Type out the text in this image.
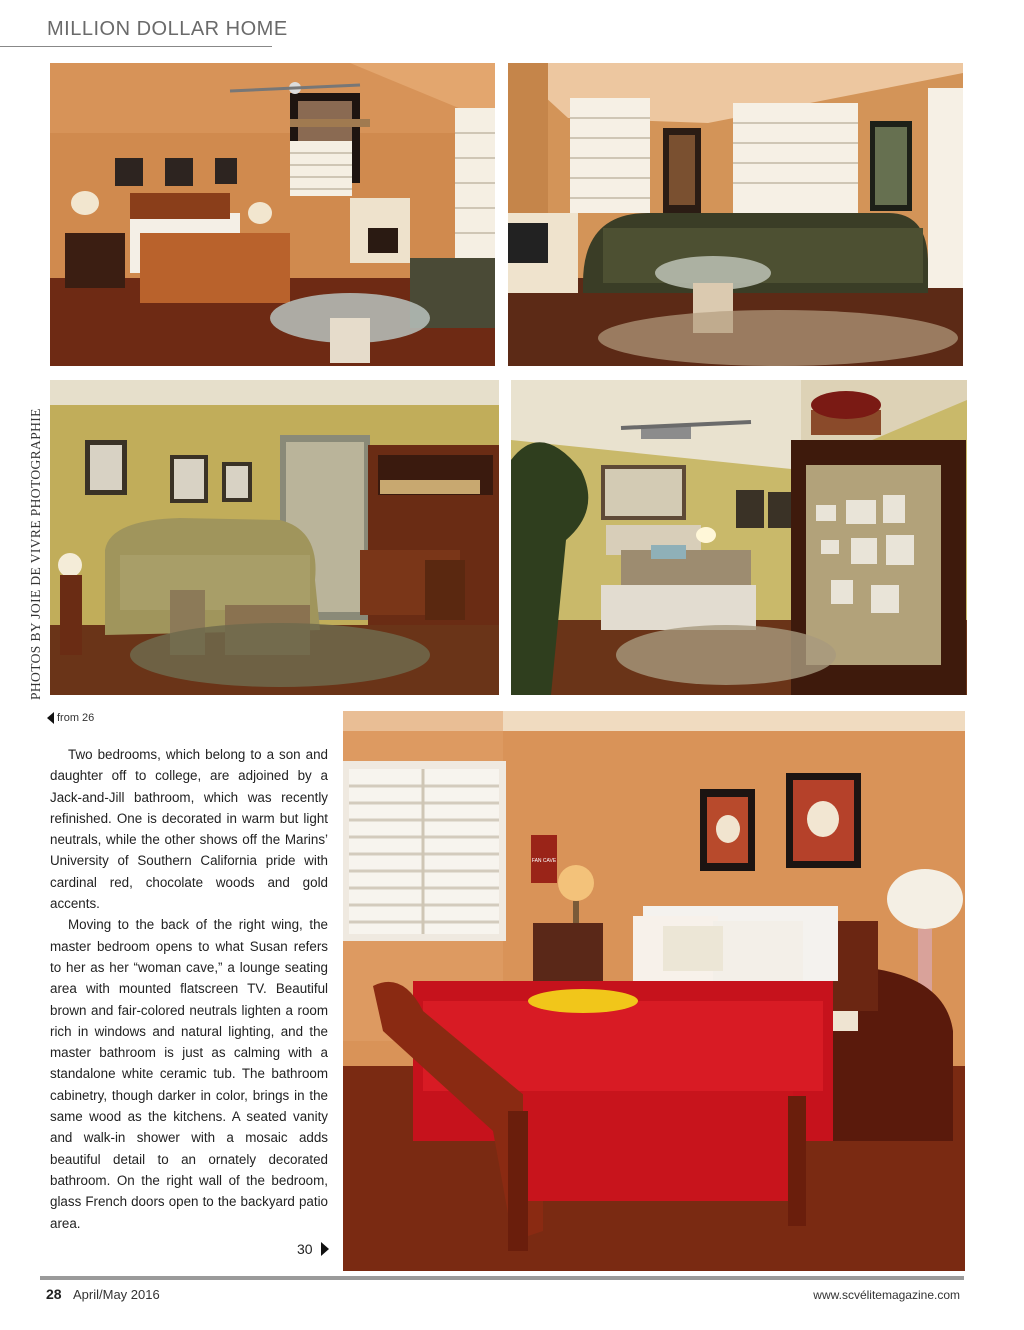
MILLION DOLLAR HOME
FAN CAVE
PHOTOS BY JOIE DE VIVRE PHOTOGRAPHIE
from 26

Two bedrooms, which belong to a son and daughter off to college, are adjoined by a Jack-and-Jill bathroom, which was recently refinished. One is decorated in warm but light neutrals, while the other shows off the Marins’ University of Southern California pride with cardinal red, chocolate woods and gold accents.

Moving to the back of the right wing, the master bedroom opens to what Susan refers to her as her “woman cave,” a lounge seating area with mounted flatscreen TV. Beautiful brown and fair-colored neutrals lighten a room rich in windows and natural lighting, and the master bathroom is just as calming with a standalone white ceramic tub. The bathroom cabinetry, though darker in color, brings in the same wood as the kitchens. A seated vanity and walk-in shower with a mosaic adds beautiful detail to an ornately decorated bathroom. On the right wall of the bedroom, glass French doors open to the backyard patio area.

30
28 April/May 2016	www.scvélitemagazine.com
